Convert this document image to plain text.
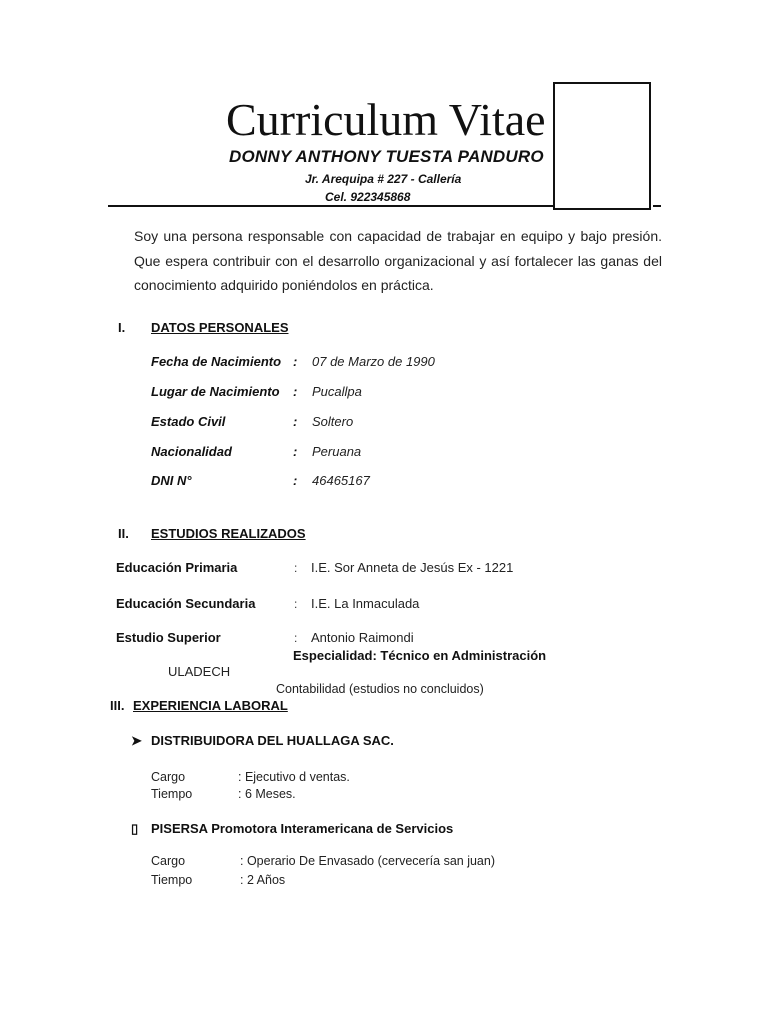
Curriculum Vitae
DONNY ANTHONY TUESTA PANDURO
Jr. Arequipa # 227 - Callería
Cel. 922345868
Soy una persona responsable con capacidad de trabajar en equipo y bajo presión. Que espera contribuir con el desarrollo organizacional y así fortalecer las ganas del conocimiento adquirido poniéndolos en práctica.
I. DATOS PERSONALES
Fecha de Nacimiento : 07 de Marzo de 1990
Lugar de Nacimiento : Pucallpa
Estado Civil	: Soltero
Nacionalidad	: Peruana
DNI N°	: 46465167
II. ESTUDIOS REALIZADOS
Educación Primaria	: I.E. Sor Anneta de Jesús Ex - 1221
Educación Secundaria	: I.E. La Inmaculada
Estudio Superior	: Antonio Raimondi
Especialidad: Técnico en Administración
ULADECH
Contabilidad (estudios no concluidos)
III. EXPERIENCIA LABORAL
➤ DISTRIBUIDORA DEL HUALLAGA SAC.
Cargo	: Ejecutivo d ventas.
Tiempo	: 6 Meses.
▯ PISERSA Promotora Interamericana de Servicios
Cargo	: Operario De Envasado (cervecería san juan)
Tiempo	: 2 Años
